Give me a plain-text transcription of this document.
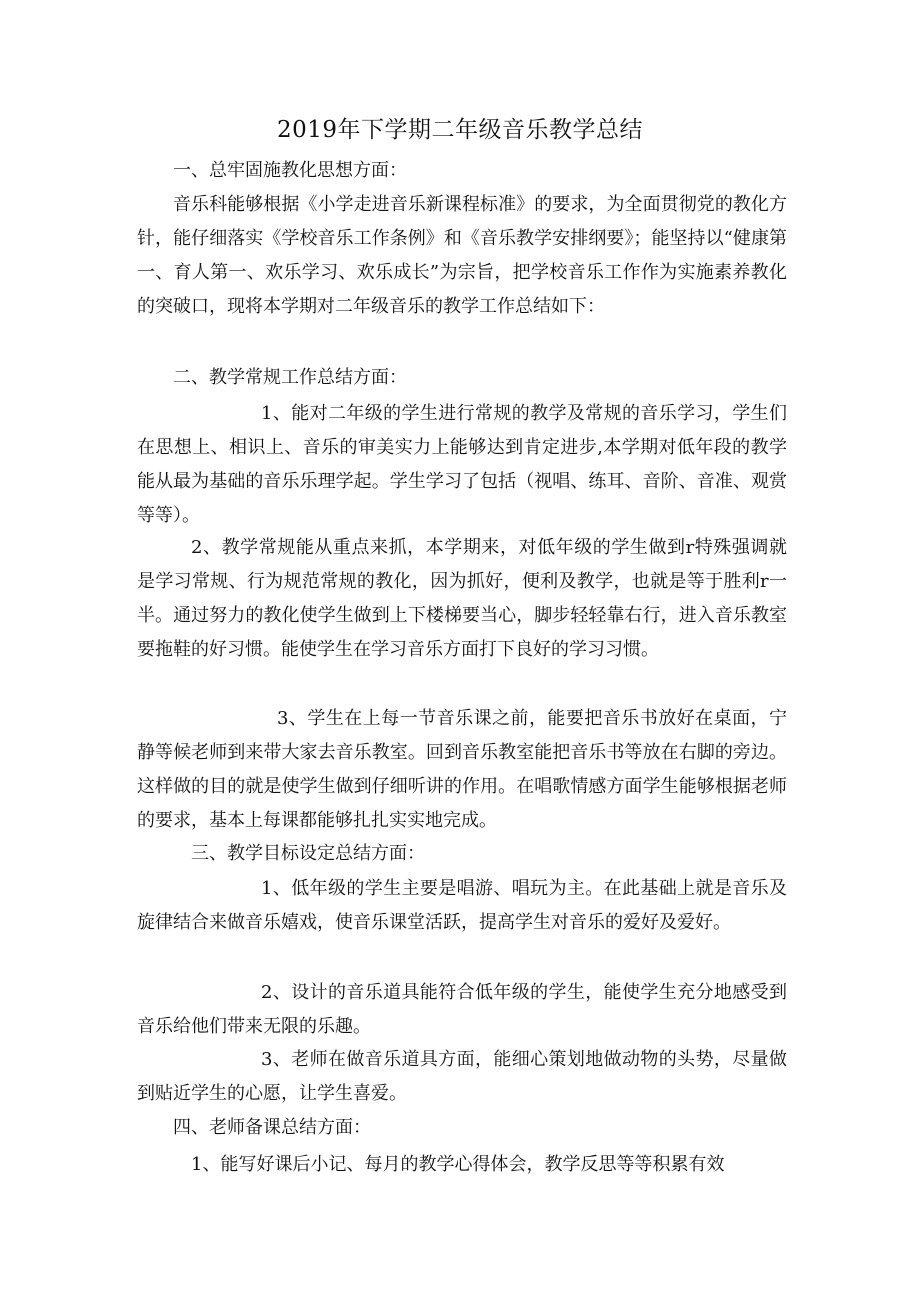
2019年下学期二年级音乐教学总结
一、总牢固施教化思想方面：

音乐科能够根据《小学走进音乐新课程标准》的要求，为全面贯彻党的教化方针，能仔细落实《学校音乐工作条例》和《音乐教学安排纲要》；能坚持以“健康第一、育人第一、欢乐学习、欢乐成长”为宗旨，把学校音乐工作作为实施素养教化的突破口，现将本学期对二年级音乐的教学工作总结如下：

二、教学常规工作总结方面：

1、能对二年级的学生进行常规的教学及常规的音乐学习，学生们在思想上、相识上、音乐的审美实力上能够达到肯定进步,本学期对低年段的教学能从最为基础的音乐乐理学起。学生学习了包括（视唱、练耳、音阶、音准、观赏等等）。

2、教学常规能从重点来抓，本学期来，对低年级的学生做到r特殊强调就是学习常规、行为规范常规的教化，因为抓好，便利及教学，也就是等于胜利r一半。通过努力的教化使学生做到上下楼梯要当心，脚步轻轻靠右行，进入音乐教室要拖鞋的好习惯。能使学生在学习音乐方面打下良好的学习习惯。

3、学生在上每一节音乐课之前，能要把音乐书放好在桌面，宁静等候老师到来带大家去音乐教室。回到音乐教室能把音乐书等放在右脚的旁边。这样做的目的就是使学生做到仔细听讲的作用。在唱歌情感方面学生能够根据老师的要求，基本上每课都能够扎扎实实地完成。

三、教学目标设定总结方面：

1、低年级的学生主要是唱游、唱玩为主。在此基础上就是音乐及旋律结合来做音乐嬉戏，使音乐课堂活跃，提高学生对音乐的爱好及爱好。

2、设计的音乐道具能符合低年级的学生，能使学生充分地感受到音乐给他们带来无限的乐趣。

3、老师在做音乐道具方面，能细心策划地做动物的头势，尽量做到贴近学生的心愿，让学生喜爱。

四、老师备课总结方面：

1、能写好课后小记、每月的教学心得体会，教学反思等等积累有效
